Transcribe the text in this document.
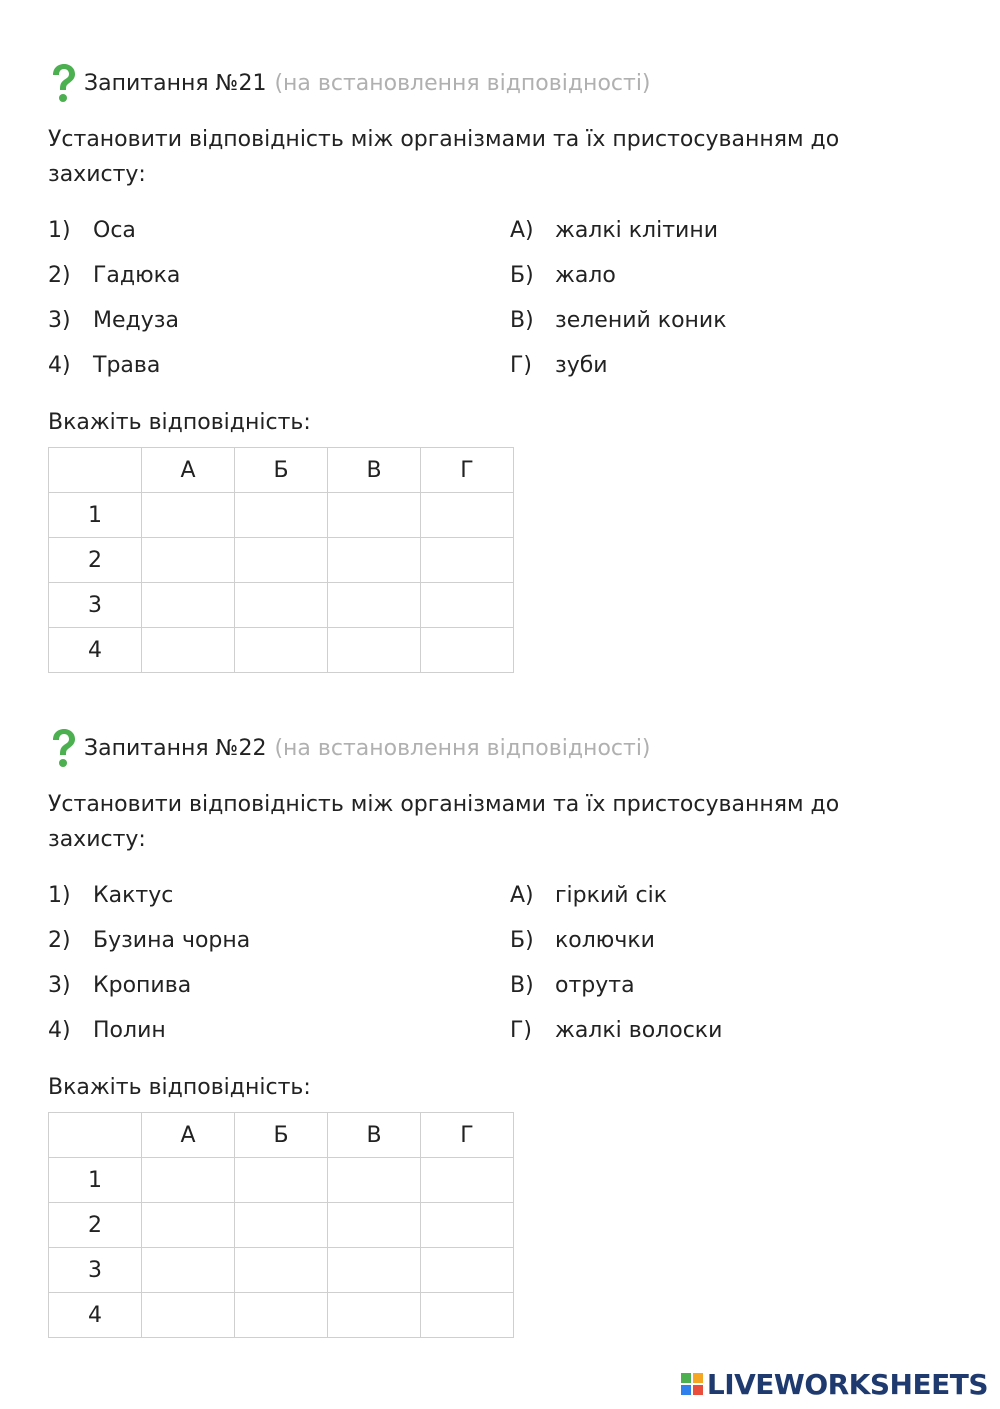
Запитання №21 (на встановлення відповідності)
Установити відповідність між організмами та їх пристосуванням до захисту:
1) Оса	А) жалкі клітини
2) Гадюка	Б) жало
3) Медуза	В) зелений коник
4) Трава	Г) зуби
Вкажіть відповідність:
	А	Б	В	Г
1				
2				
3				
4				
Запитання №22 (на встановлення відповідності)
Установити відповідність між організмами та їх пристосуванням до захисту:
1) Кактус	А) гіркий сік
2) Бузина чорна	Б) колючки
3) Кропива	В) отрута
4) Полин	Г) жалкі волоски
Вкажіть відповідність:
	А	Б	В	Г
1				
2				
3				
4				
LIVEWORKSHEETS
